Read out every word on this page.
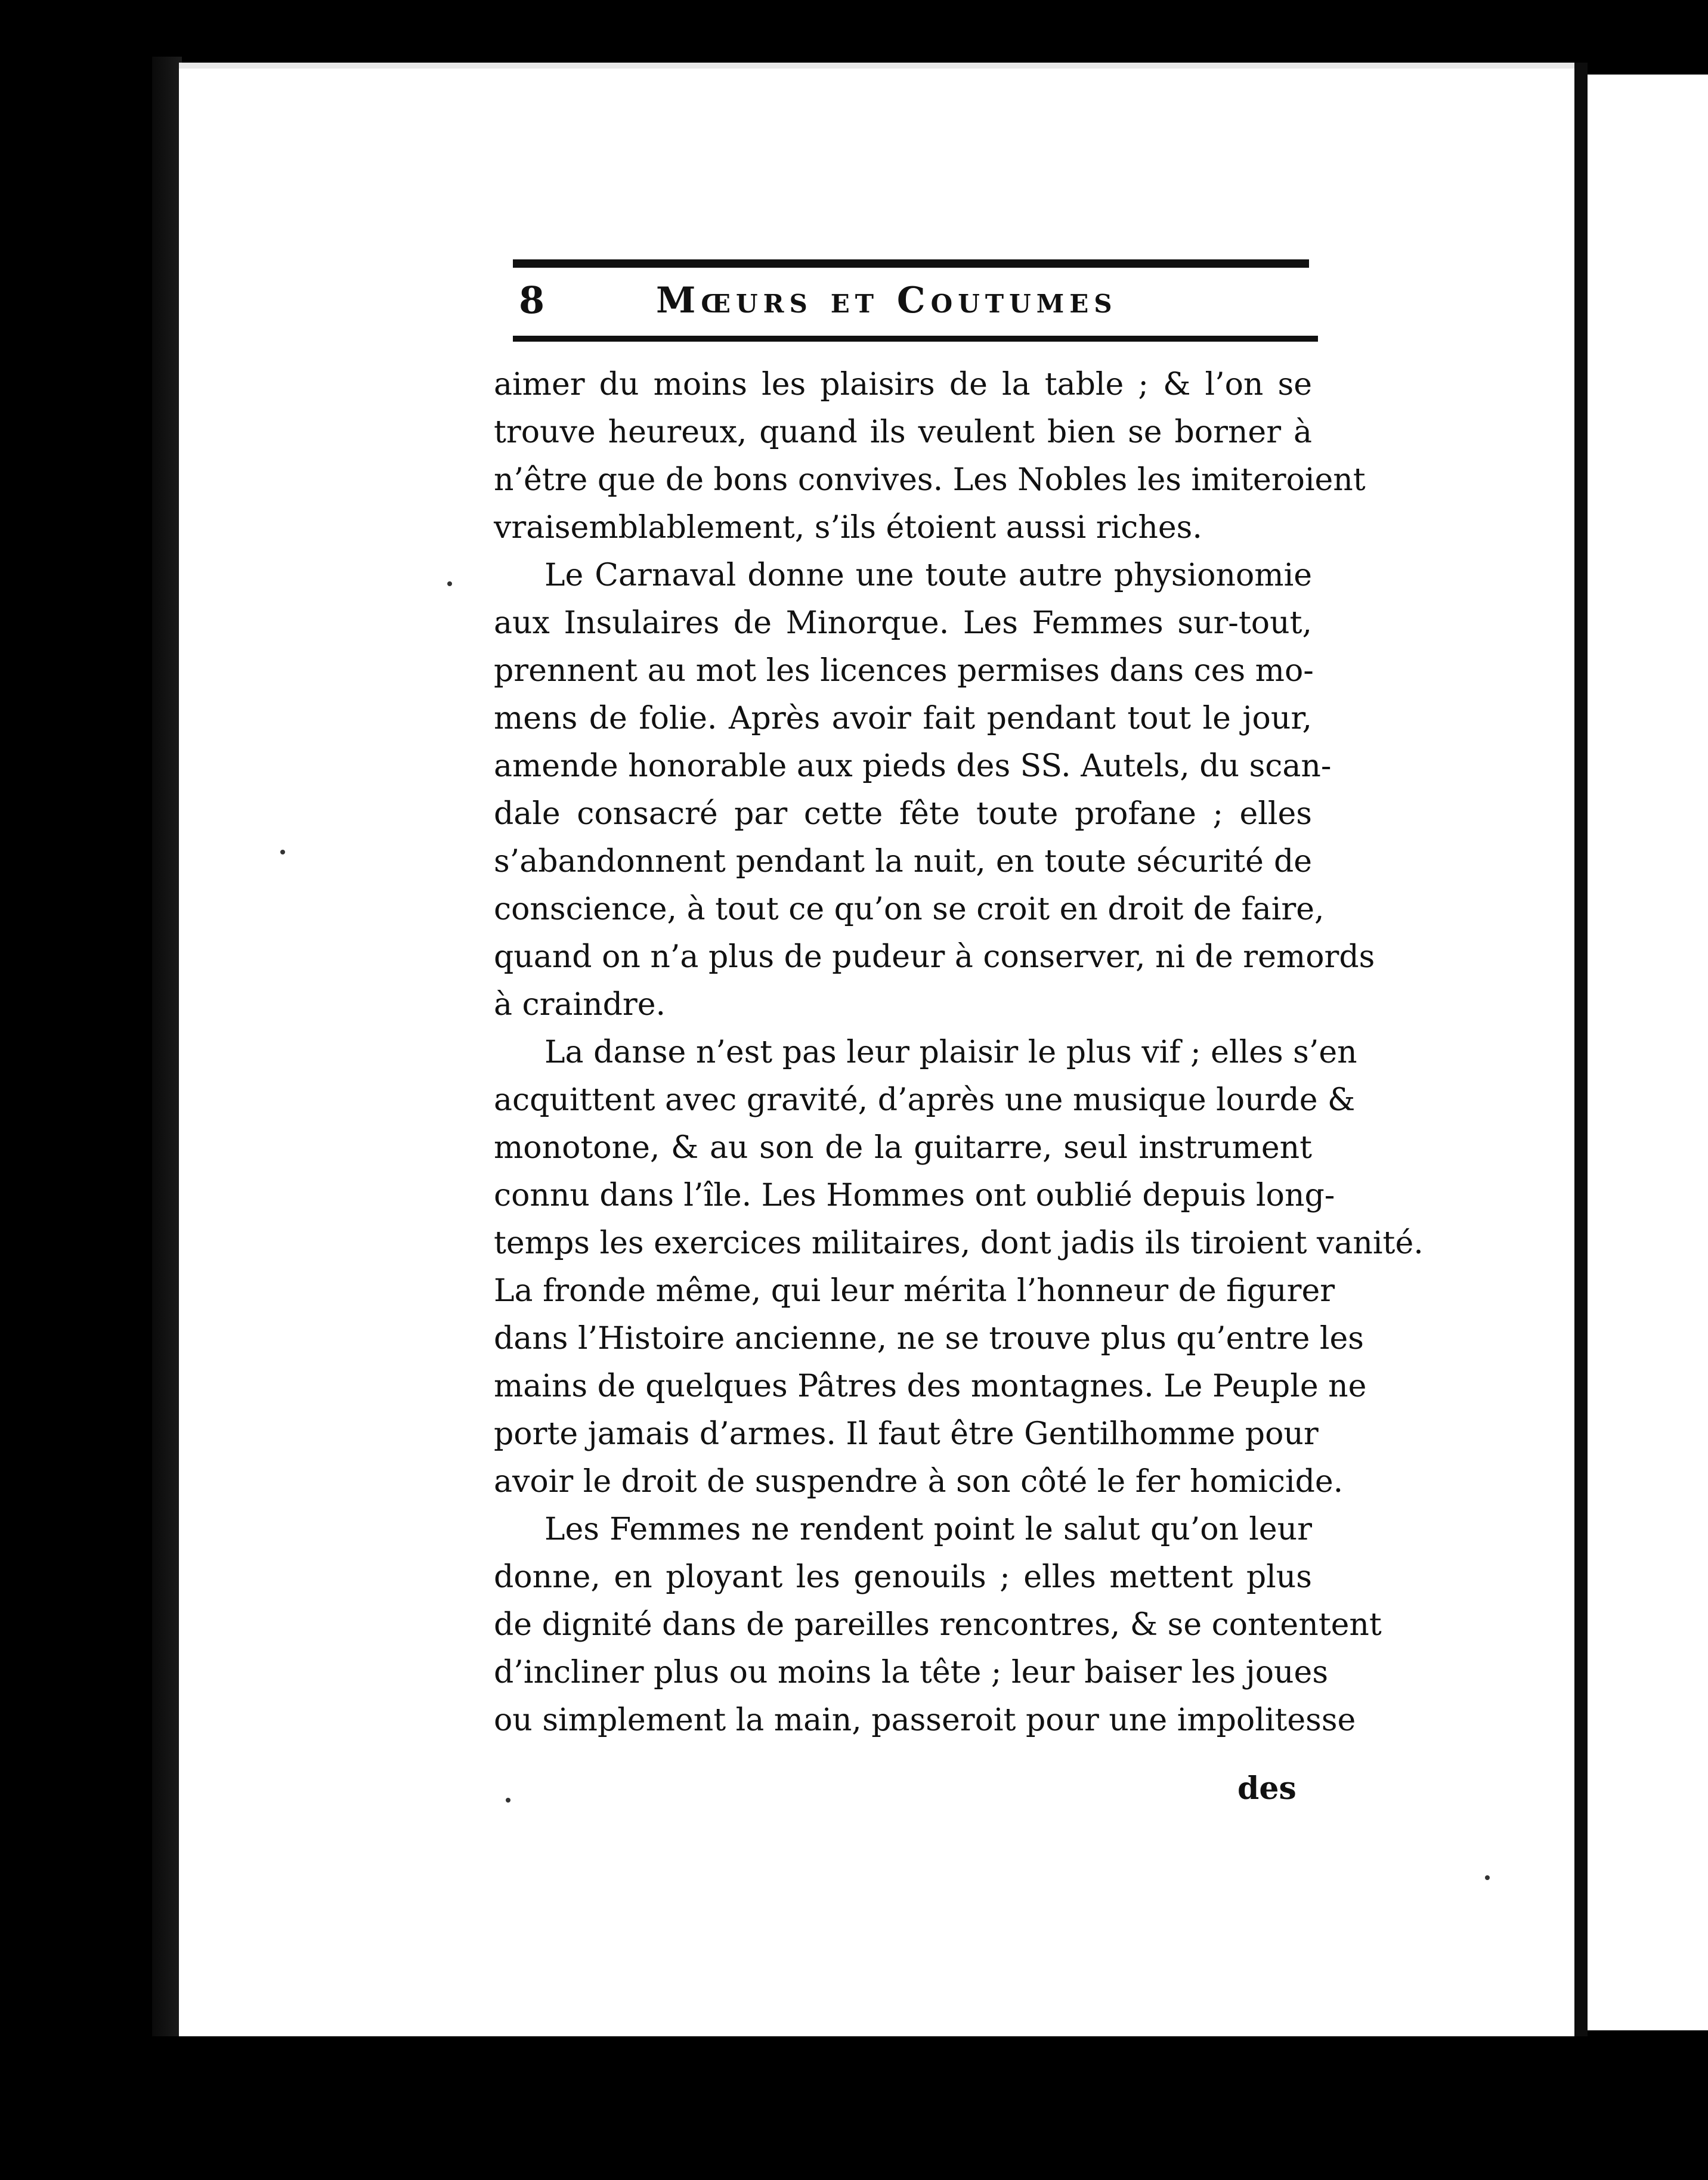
8	Mœurs et Coutumes
aimer du moins les plaisirs de la table ; & l’on se
trouve heureux, quand ils veulent bien se borner à
n’être que de bons convives. Les Nobles les imiteroient
vraisemblablement, s’ils étoient aussi riches.
Le Carnaval donne une toute autre physionomie
aux Insulaires de Minorque. Les Femmes sur-tout,
prennent au mot les licences permises dans ces mo-
mens de folie. Après avoir fait pendant tout le jour,
amende honorable aux pieds des SS. Autels, du scan-
dale consacré par cette fête toute profane ; elles
s’abandonnent pendant la nuit, en toute sécurité de
conscience, à tout ce qu’on se croit en droit de faire,
quand on n’a plus de pudeur à conserver, ni de remords
à craindre.
La danse n’est pas leur plaisir le plus vif ; elles s’en
acquittent avec gravité, d’après une musique lourde &
monotone, & au son de la guitarre, seul instrument
connu dans l’île. Les Hommes ont oublié depuis long-
temps les exercices militaires, dont jadis ils tiroient vanité.
La fronde même, qui leur mérita l’honneur de figurer
dans l’Histoire ancienne, ne se trouve plus qu’entre les
mains de quelques Pâtres des montagnes. Le Peuple ne
porte jamais d’armes. Il faut être Gentilhomme pour
avoir le droit de suspendre à son côté le fer homicide.
Les Femmes ne rendent point le salut qu’on leur
donne, en ployant les genouils ; elles mettent plus
de dignité dans de pareilles rencontres, & se contentent
d’incliner plus ou moins la tête ; leur baiser les joues
ou simplement la main, passeroit pour une impolitesse
des
